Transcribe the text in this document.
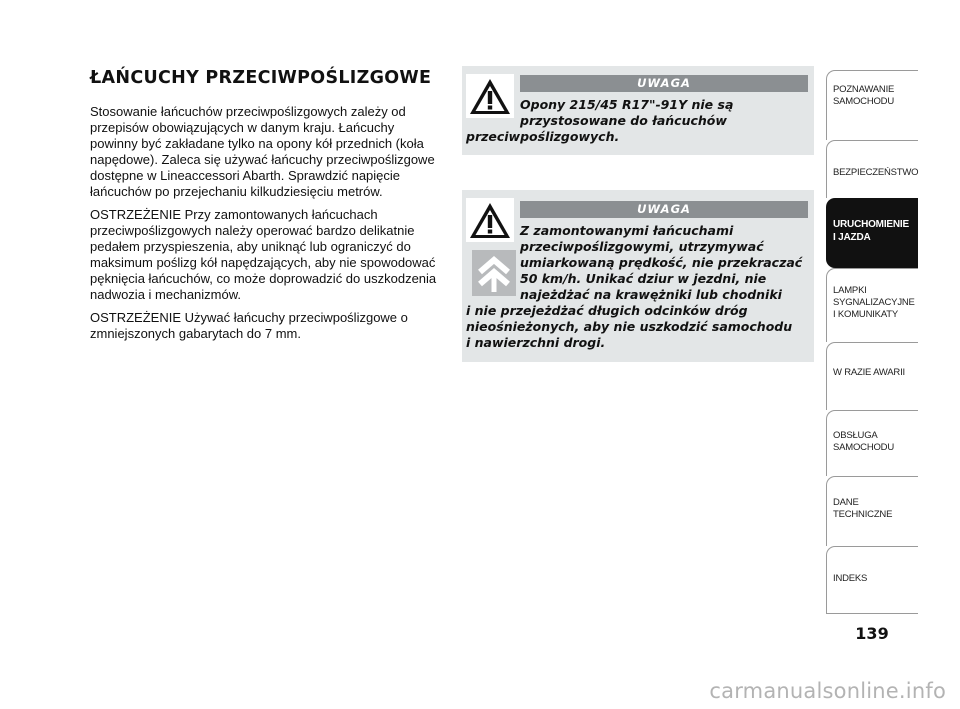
ŁAŃCUCHY PRZECIWPOŚLIZGOWE

Stosowanie łańcuchów przeciwpoślizgowych zależy od przepisów obowiązujących w danym kraju. Łańcuchy powinny być zakładane tylko na opony kół przednich (koła napędowe). Zaleca się używać łańcuchy przeciwpoślizgowe dostępne w Lineaccessori Abarth. Sprawdzić napięcie łańcuchów po przejechaniu kilkudziesięciu metrów.

OSTRZEŻENIE Przy zamontowanych łańcuchach przeciwpoślizgowych należy operować bardzo delikatnie pedałem przyspieszenia, aby uniknąć lub ograniczyć do maksimum poślizg kół napędzających, aby nie spowodować pęknięcia łańcuchów, co może doprowadzić do uszkodzenia nadwozia i mechanizmów.

OSTRZEŻENIE Używać łańcuchy przeciwpoślizgowe o zmniejszonych gabarytach do 7 mm.

UWAGA

Opony 215/45 R17"-91Y nie są
przystosowane do łańcuchów
przeciwpoślizgowych.

UWAGA

Z zamontowanymi łańcuchami
przeciwpoślizgowymi, utrzymywać
umiarkowaną prędkość, nie przekraczać
50 km/h. Unikać dziur w jezdni, nie
najeżdżać na krawężniki lub chodniki
i nie przejeżdżać długich odcinków dróg
nieośnieżonych, aby nie uszkodzić samochodu
i nawierzchni drogi.

POZNAWANIE
SAMOCHODU
BEZPIECZEŃSTWO
URUCHOMIENIE
I JAZDA
LAMPKI
SYGNALIZACYJNE
I KOMUNIKATY
W RAZIE AWARII
OBSŁUGA
SAMOCHODU
DANE
TECHNICZNE
INDEKS
139
carmanualsonline.info
